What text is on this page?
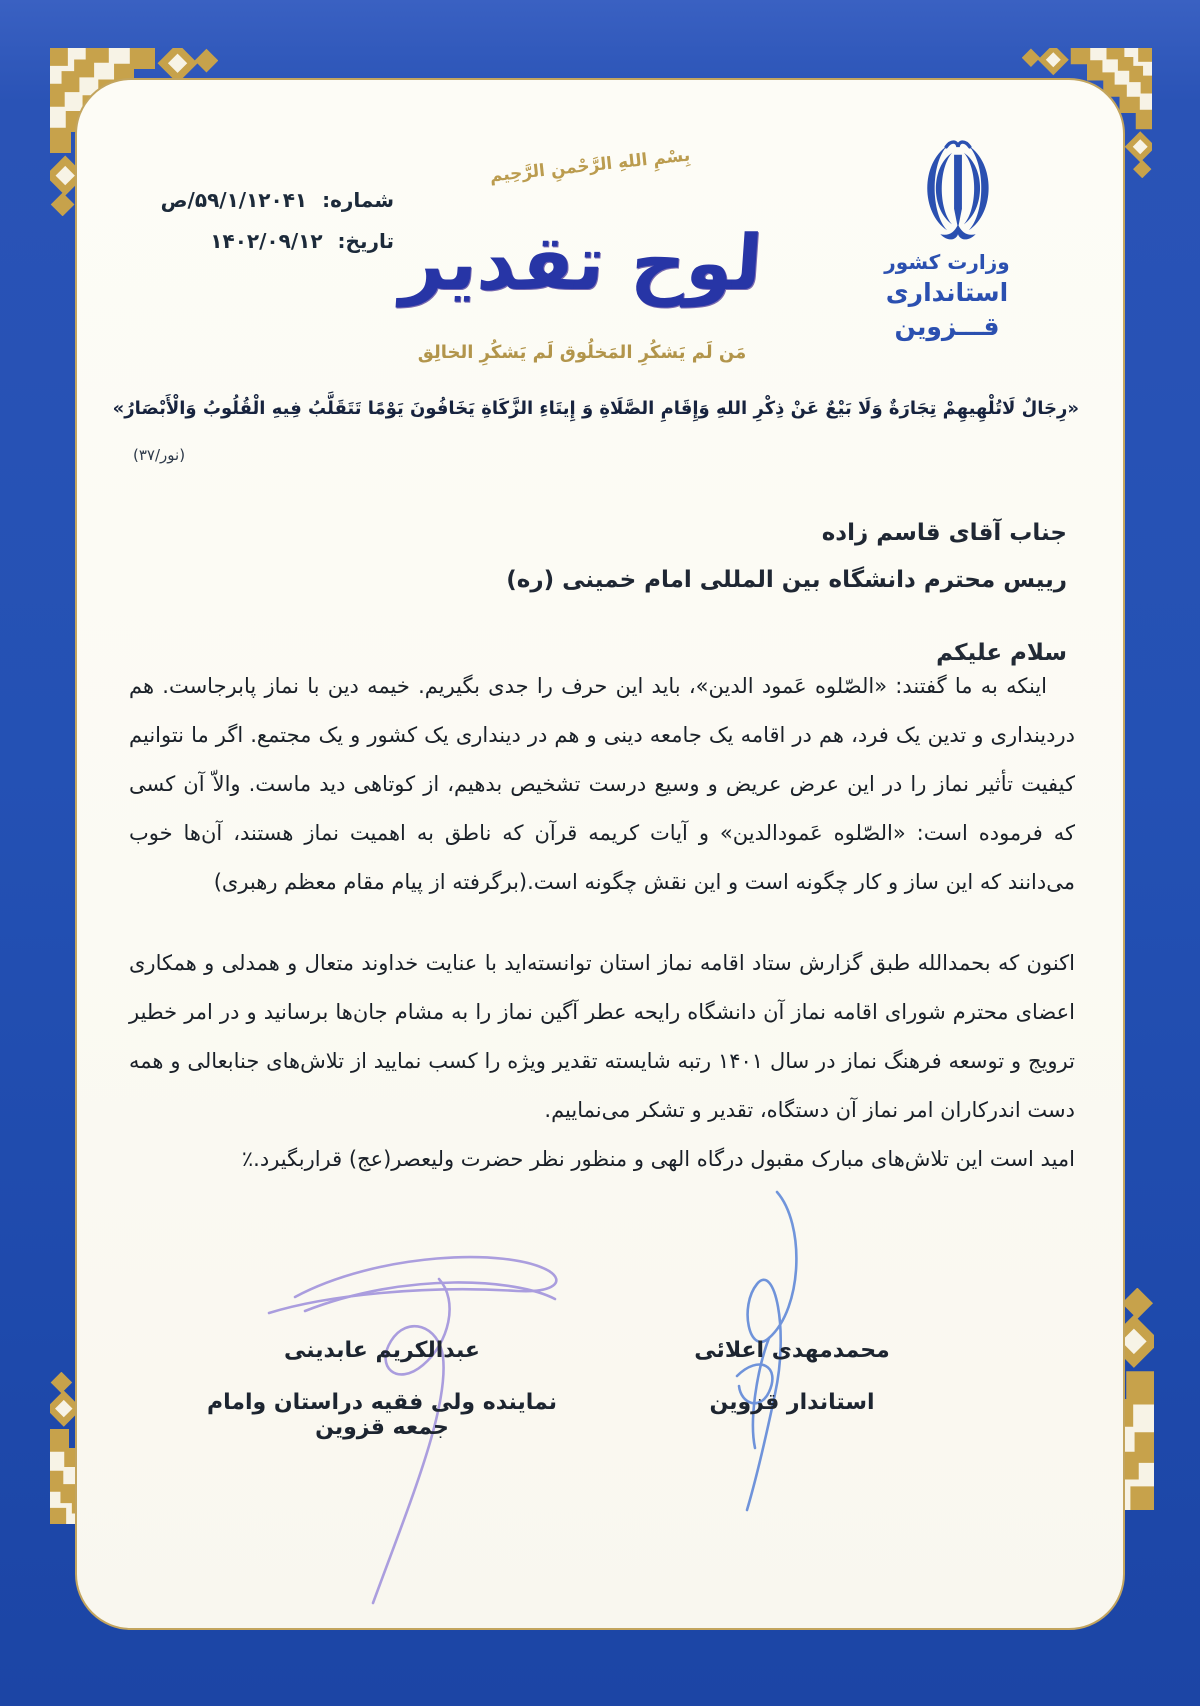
شماره: ۵۹/۱/۱۲۰۴۱/ص
تاریخ: ۱۴۰۲/۰۹/۱۲
بِسْمِ اللهِ الرَّحْمنِ الرَّحِیم
لوح تقدیر
مَن لَم یَشکُرِ المَخلُوق لَم یَشکُرِ الخالِق
وزارت کشور
استانداری قـــزوین
«رِجَالٌ لَاتُلْهِيهِمْ تِجَارَةٌ وَلَا بَيْعٌ عَنْ ذِكْرِ اللهِ وَإِقَامِ الصَّلَاةِ وَ إِيتَاءِ الزَّكَاةِ يَخَافُونَ يَوْمًا تَتَقَلَّبُ فِيهِ الْقُلُوبُ وَالْأَبْصَارُ»
(نور/۳۷)
جناب آقای قاسم زاده
رییس محترم دانشگاه بین المللی امام خمینی (ره)
سلام علیکم

اینکه به ما گفتند: «الصّلوه عَمود الدین»، باید این حرف را جدی بگیریم. خیمه دین با نماز پابرجاست. هم دردینداری و تدین یک فرد، هم در اقامه یک جامعه دینی و هم در دینداری یک کشور و یک مجتمع. اگر ما نتوانیم کیفیت تأثیر نماز را در این عرض عریض و وسیع درست تشخیص بدهیم، از کوتاهی دید ماست. والاّ آن کسی که فرموده است: «الصّلوه عَمودالدین» و آیات کریمه قرآن که ناطق به اهمیت نماز هستند، آن‌ها خوب می‌دانند که این ساز و کار چگونه است و این نقش چگونه است.(برگرفته از پیام مقام معظم رهبری)

اکنون که بحمدالله طبق گزارش ستاد اقامه نماز استان توانسته‌اید با عنایت خداوند متعال و همدلی و همکاری اعضای محترم شورای اقامه نماز آن دانشگاه رایحه عطر آگین نماز را به مشام جان‌ها برسانید و در امر خطیر ترویج و توسعه فرهنگ نماز در سال ۱۴۰۱ رتبه شایسته تقدیر ویژه را کسب نمایید از تلاش‌های جنابعالی و همه دست اندرکاران امر نماز آن دستگاه، تقدیر و تشکر می‌نماییم.

امید است این تلاش‌های مبارک مقبول درگاه الهی و منظور نظر حضرت ولیعصر(عج) قراربگیرد.٪

محمدمهدی اعلائی
استاندار قزوین
عبدالکریم عابدینی
نماینده ولی فقیه دراستان وامام جمعه قزوین
